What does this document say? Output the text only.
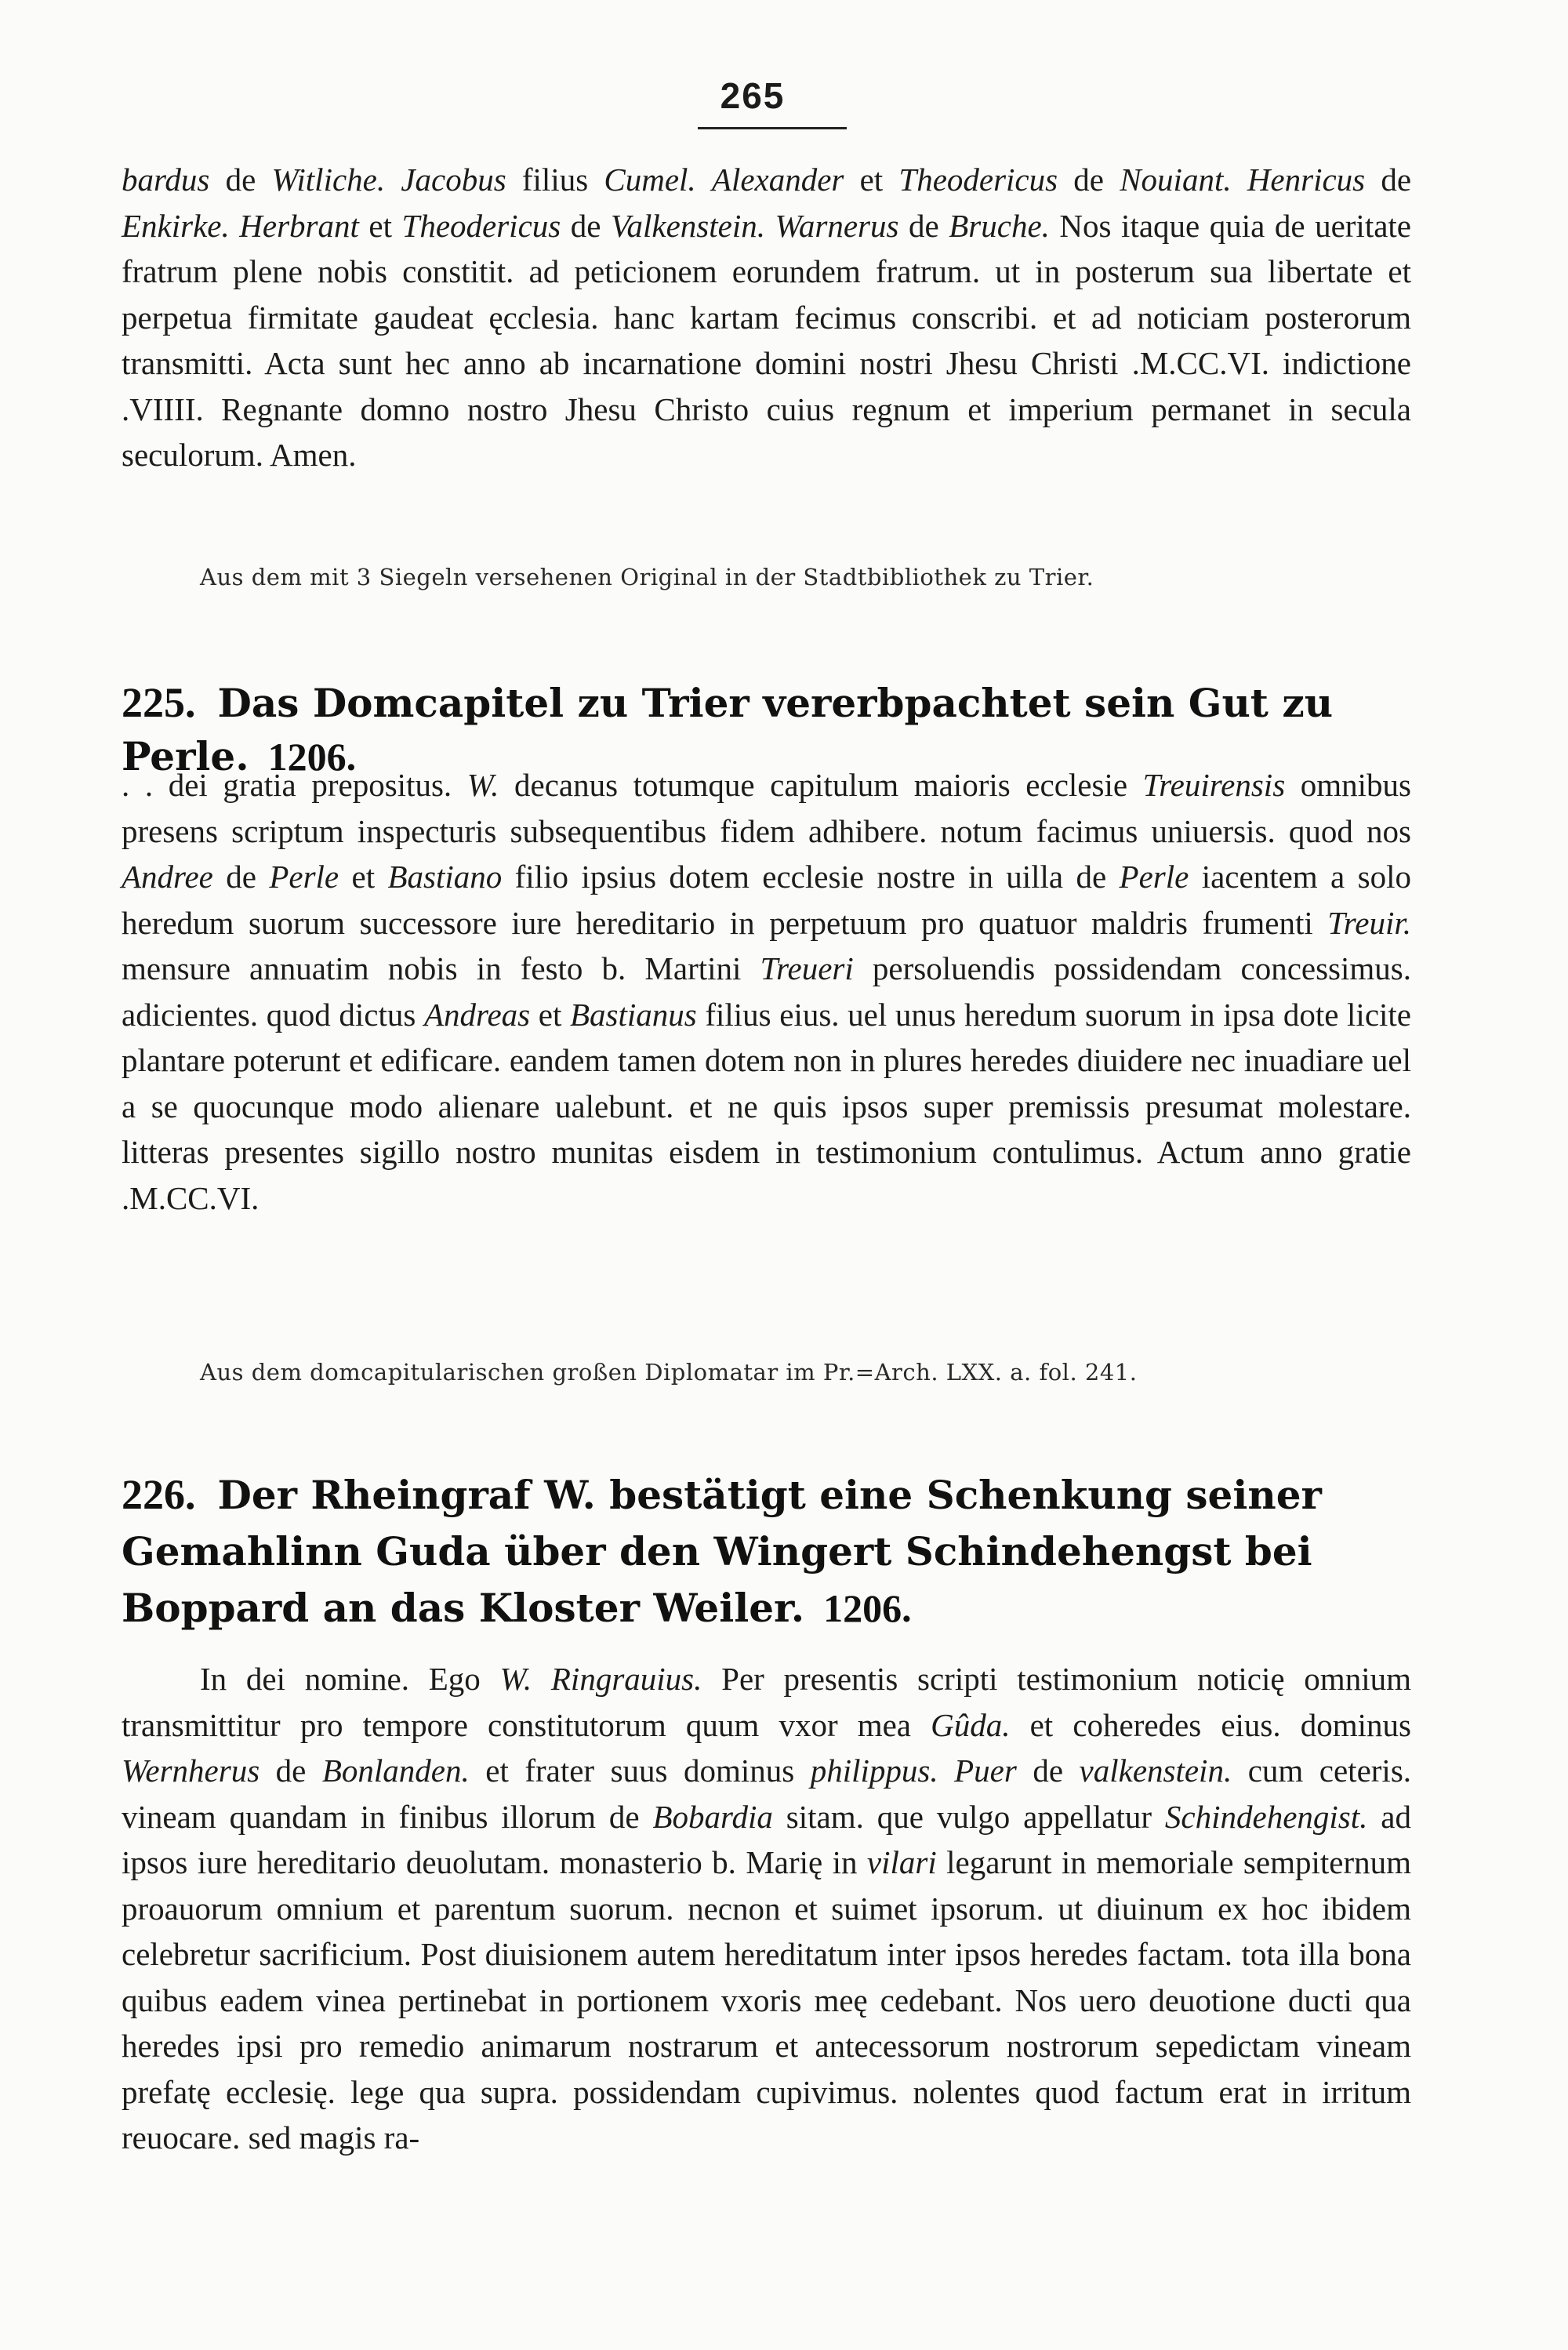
265

bardus de Witliche. Jacobus filius Cumel. Alexander et Theodericus de Nouiant. Henricus de Enkirke. Herbrant et Theodericus de Valkenstein. Warnerus de Bruche. Nos itaque quia de ueritate fratrum plene nobis constitit. ad peticionem eorundem fratrum. ut in posterum sua libertate et perpetua firmitate gaudeat ęcclesia. hanc kartam fecimus conscribi. et ad noticiam posterorum transmitti. Acta sunt hec anno ab incarnatione domini nostri Jhesu Christi .M.CC.VI. indictione .VIIII. Regnante domno nostro Jhesu Christo cuius regnum et imperium permanet in secula seculorum. Amen.

Aus dem mit 3 Siegeln versehenen Original in der Stadtbibliothek zu Trier.

225. Das Domcapitel zu Trier vererbpachtet sein Gut zu Perle. 1206.

. . dei gratia prepositus. W. decanus totumque capitulum maioris ecclesie Treuirensis omnibus presens scriptum inspecturis subsequentibus fidem adhibere. notum facimus uniuersis. quod nos Andree de Perle et Bastiano filio ipsius dotem ecclesie nostre in uilla de Perle iacentem a solo heredum suorum successore iure hereditario in perpetuum pro quatuor maldris frumenti Treuir. mensure annuatim nobis in festo b. Martini Treueri persoluendis possidendam concessimus. adicientes. quod dictus Andreas et Bastianus filius eius. uel unus heredum suorum in ipsa dote licite plantare poterunt et edificare. eandem tamen dotem non in plures heredes diuidere nec inuadiare uel a se quocunque modo alienare ualebunt. et ne quis ipsos super premissis presumat molestare. litteras presentes sigillo nostro munitas eisdem in testimonium contulimus. Actum anno gratie .M.CC.VI.

Aus dem domcapitularischen großen Diplomatar im Pr.=Arch. LXX. a. fol. 241.

226. Der Rheingraf W. bestätigt eine Schenkung seiner Gemahlinn Guda über den Wingert Schindehengst bei Boppard an das Kloster Weiler. 1206.

In dei nomine. Ego W. Ringrauius. Per presentis scripti testimonium noticię omnium transmittitur pro tempore constitutorum quum vxor mea Gûda. et coheredes eius. dominus Wernherus de Bonlanden. et frater suus dominus philippus. Puer de valkenstein. cum ceteris. vineam quandam in finibus illorum de Bobardia sitam. que vulgo appellatur Schindehengist. ad ipsos iure hereditario deuolutam. monasterio b. Marię in vilari legarunt in memoriale sempiternum proauorum omnium et parentum suorum. necnon et suimet ipsorum. ut diuinum ex hoc ibidem celebretur sacrificium. Post diuisionem autem hereditatum inter ipsos heredes factam. tota illa bona quibus eadem vinea pertinebat in portionem vxoris meę cedebant. Nos uero deuotione ducti qua heredes ipsi pro remedio animarum nostrarum et antecessorum nostrorum sepedictam vineam prefatę ecclesię. lege qua supra. possidendam cupivimus. nolentes quod factum erat in irritum reuocare. sed magis ra-
